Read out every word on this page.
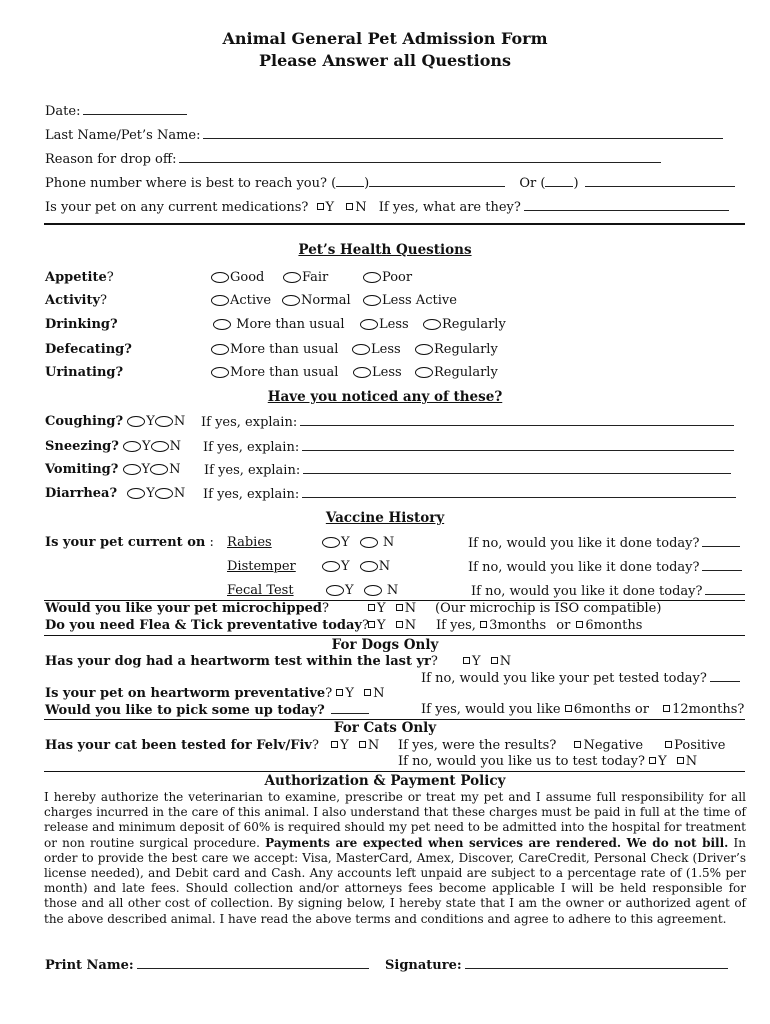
Animal General Pet Admission Form
Please Answer all Questions
Date:
Last Name/Pet’s Name:
Reason for drop off:
Phone number where is best to reach you? ( )	Or ( )
Is your pet on any current medications? Y N If yes, what are they?
Pet’s Health Questions
Appetite?	Good	Fair	Poor
Activity?	Active	Normal	Less Active
Drinking?	More than usual	Less	Regularly
Defecating?	More than usual	Less	Regularly
Urinating?	More than usual	Less	Regularly
Have you noticed any of these?
Coughing? Y N If yes, explain:
Sneezing? Y N If yes, explain:
Vomiting? Y N If yes, explain:
Diarrhea? Y N If yes, explain:
Vaccine History
Is your pet current on : Rabies	Y	N	If no, would you like it done today?
Distemper	Y N	If no, would you like it done today?
Fecal Test	Y	N	If no, would you like it done today?
Would you like your pet microchipped?	Y N (Our microchip is ISO compatible)
Do you need Flea & Tick preventative today? Y N If yes, 3months or 6months
For Dogs Only
Has your dog had a heartworm test within the last yr?	Y N
If no, would you like your pet tested today?
Is your pet on heartworm preventative? Y N
Would you like to pick some up today?	If yes, would you like 6months or 12months?
For Cats Only
Has your cat been tested for Felv/Fiv? Y N If yes, were the results? Negative Positive
If no, would you like us to test today? Y N
Authorization & Payment Policy
I hereby authorize the veterinarian to examine, prescribe or treat my pet and I assume full responsibility for all charges incurred in the care of this animal. I also understand that these charges must be paid in full at the time of release and minimum deposit of 60% is required should my pet need to be admitted into the hospital for treatment or non routine surgical procedure. Payments are expected when services are rendered. We do not bill. In order to provide the best care we accept: Visa, MasterCard, Amex, Discover, CareCredit, Personal Check (Driver’s license needed), and Debit card and Cash. Any accounts left unpaid are subject to a percentage rate of (1.5% per month) and late fees. Should collection and/or attorneys fees become applicable I will be held responsible for those and all other cost of collection. By signing below, I hereby state that I am the owner or authorized agent of the above described animal. I have read the above terms and conditions and agree to adhere to this agreement.
Print Name:	Signature:
